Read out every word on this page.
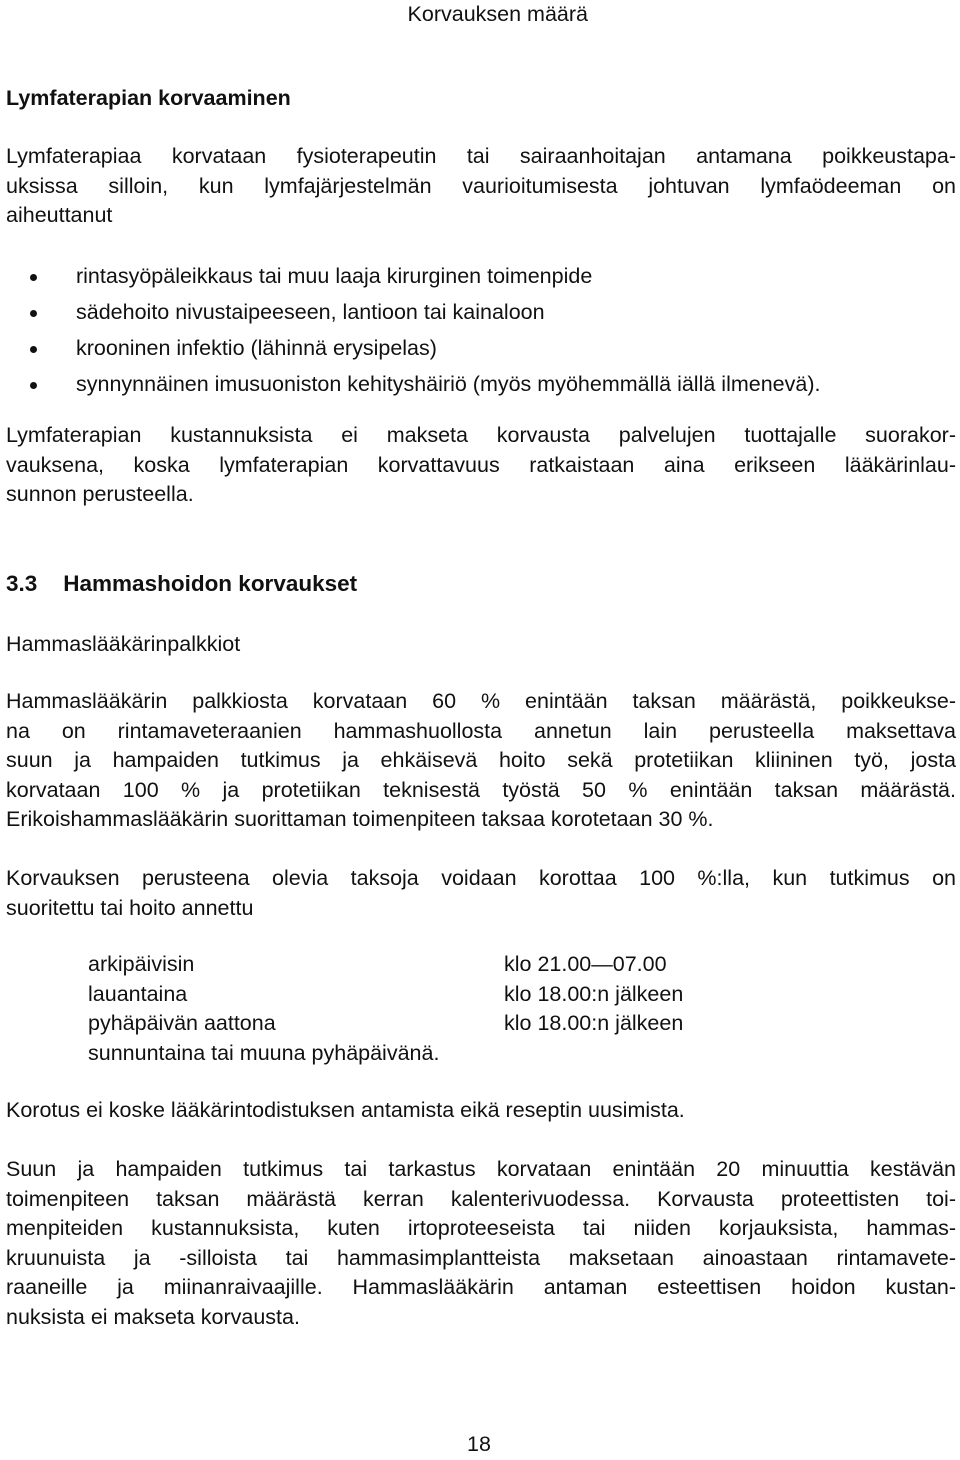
Korvauksen määrä
Lymfaterapian korvaaminen
Lymfaterapiaa korvataan fysioterapeutin tai sairaanhoitajan antamana poikkeustapa-
uksissa silloin, kun lymfajärjestelmän vaurioitumisesta johtuvan lymfaödeeman on
aiheuttanut
rintasyöpäleikkaus tai muu laaja kirurginen toimenpide
sädehoito nivustaipeeseen, lantioon tai kainaloon
krooninen infektio (lähinnä erysipelas)
synnynnäinen imusuoniston kehityshäiriö (myös myöhemmällä iällä ilmenevä).
Lymfaterapian kustannuksista ei makseta korvausta palvelujen tuottajalle suorakor-
vauksena, koska lymfaterapian korvattavuus ratkaistaan aina erikseen lääkärinlau-
sunnon perusteella.
3.3 Hammashoidon korvaukset
Hammaslääkärinpalkkiot
Hammaslääkärin palkkiosta korvataan 60 % enintään taksan määrästä, poikkeukse-
na on rintamaveteraanien hammashuollosta annetun lain perusteella maksettava
suun ja hampaiden tutkimus ja ehkäisevä hoito sekä protetiikan kliininen työ, josta
korvataan 100 % ja protetiikan teknisestä työstä 50 % enintään taksan määrästä.
Erikoishammaslääkärin suorittaman toimenpiteen taksaa korotetaan 30 %.
Korvauksen perusteena olevia taksoja voidaan korottaa 100 %:lla, kun tutkimus on
suoritettu tai hoito annettu
arkipäivisin	klo 21.00—07.00
lauantaina	klo 18.00:n jälkeen
pyhäpäivän aattona	klo 18.00:n jälkeen
sunnuntaina tai muuna pyhäpäivänä.
Korotus ei koske lääkärintodistuksen antamista eikä reseptin uusimista.
Suun ja hampaiden tutkimus tai tarkastus korvataan enintään 20 minuuttia kestävän
toimenpiteen taksan määrästä kerran kalenterivuodessa. Korvausta proteettisten toi-
menpiteiden kustannuksista, kuten irtoproteeseista tai niiden korjauksista, hammas-
kruunuista ja -silloista tai hammasimplantteista maksetaan ainoastaan rintamavete-
raaneille ja miinanraivaajille. Hammaslääkärin antaman esteettisen hoidon kustan-
nuksista ei makseta korvausta.
18
